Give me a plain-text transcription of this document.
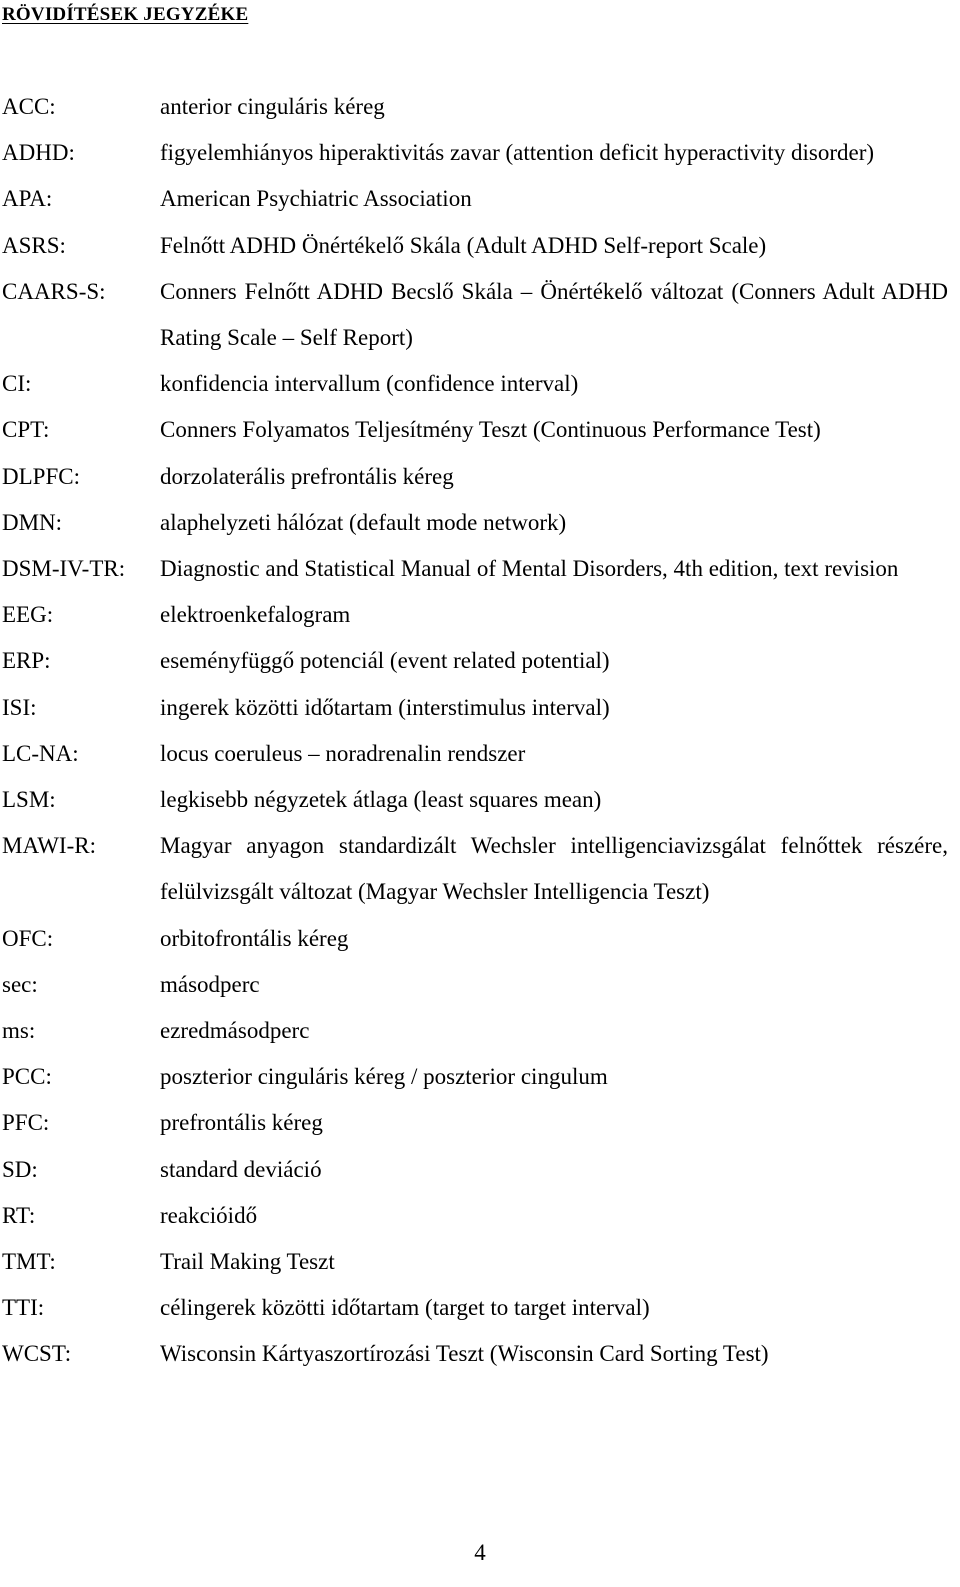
RÖVIDÍTÉSEK JEGYZÉKE
ACC:	anterior cinguláris kéreg
ADHD:	figyelemhiányos hiperaktivitás zavar (attention deficit hyperactivity disorder)
APA:	American Psychiatric Association
ASRS:	Felnőtt ADHD Önértékelő Skála (Adult ADHD Self-report Scale)
CAARS-S:	Conners Felnőtt ADHD Becslő Skála – Önértékelő változat (Conners Adult ADHD Rating Scale – Self Report)
CI:	konfidencia intervallum (confidence interval)
CPT:	Conners Folyamatos Teljesítmény Teszt (Continuous Performance Test)
DLPFC:	dorzolaterális prefrontális kéreg
DMN:	alaphelyzeti hálózat (default mode network)
DSM-IV-TR:	Diagnostic and Statistical Manual of Mental Disorders, 4th edition, text revision
EEG:	elektroenkefalogram
ERP:	eseményfüggő potenciál (event related potential)
ISI:	ingerek közötti időtartam (interstimulus interval)
LC-NA:	locus coeruleus – noradrenalin rendszer
LSM:	legkisebb négyzetek átlaga (least squares mean)
MAWI-R:	Magyar anyagon standardizált Wechsler intelligenciavizsgálat felnőttek részére, felülvizsgált változat (Magyar Wechsler Intelligencia Teszt)
OFC:	orbitofrontális kéreg
sec:	másodperc
ms:	ezredmásodperc
PCC:	poszterior cinguláris kéreg / poszterior cingulum
PFC:	prefrontális kéreg
SD:	standard deviáció
RT:	reakcióidő
TMT:	Trail Making Teszt
TTI:	célingerek közötti időtartam (target to target interval)
WCST:	Wisconsin Kártyaszortírozási Teszt (Wisconsin Card Sorting Test)
4
